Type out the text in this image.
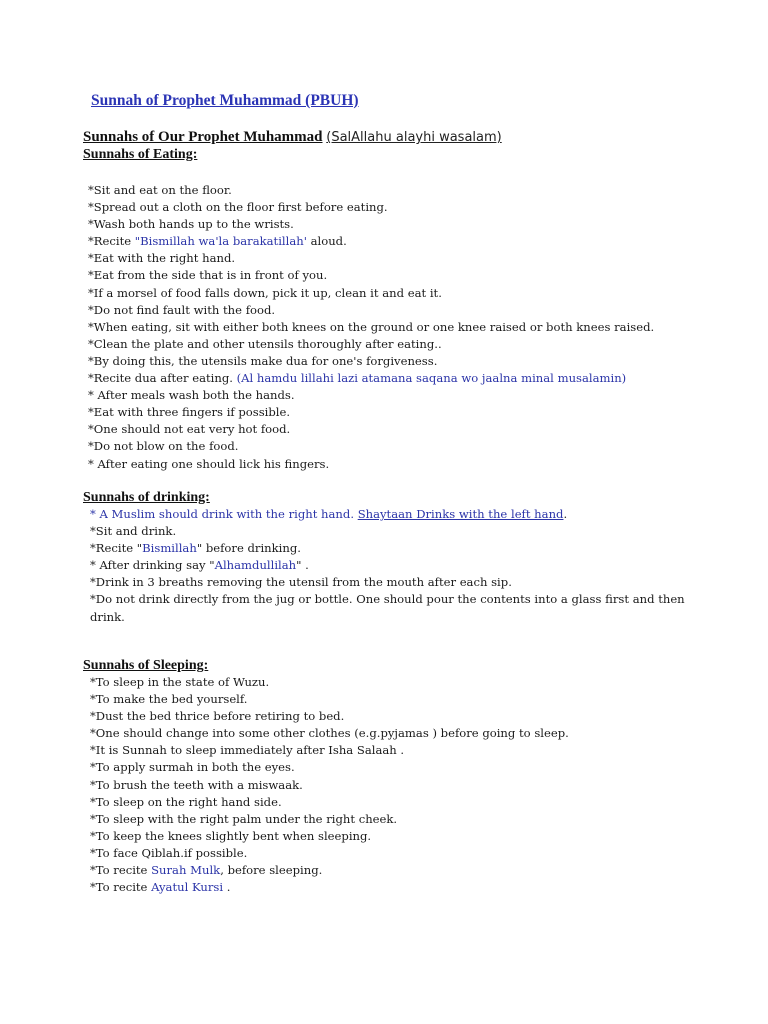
Sunnah of Prophet Muhammad (PBUH)
Sunnahs of Our Prophet Muhammad (SalAllahu alayhi wasalam)
Sunnahs of Eating:
*Sit and eat on the floor.
*Spread out a cloth on the floor first before eating.
*Wash both hands up to the wrists.
*Recite "Bismillah wa'la barakatillah' aloud.
*Eat with the right hand.
*Eat from the side that is in front of you.
*If a morsel of food falls down, pick it up, clean it and eat it.
*Do not find fault with the food.
*When eating, sit with either both knees on the ground or one knee raised or both knees raised.
*Clean the plate and other utensils thoroughly after eating..
*By doing this, the utensils make dua for one's forgiveness.
*Recite dua after eating. (Al hamdu lillahi lazi atamana saqana wo jaalna minal musalamin)
* After meals wash both the hands.
*Eat with three fingers if possible.
*One should not eat very hot food.
*Do not blow on the food.
* After eating one should lick his fingers.
Sunnahs of drinking:
* A Muslim should drink with the right hand. Shaytaan Drinks with the left hand.
*Sit and drink.
*Recite "Bismillah" before drinking.
* After drinking say "Alhamdullilah" .
*Drink in 3 breaths removing the utensil from the mouth after each sip.
*Do not drink directly from the jug or bottle. One should pour the contents into a glass first and then drink.
Sunnahs of Sleeping:
*To sleep in the state of Wuzu.
*To make the bed yourself.
*Dust the bed thrice before retiring to bed.
*One should change into some other clothes (e.g.pyjamas ) before going to sleep.
*It is Sunnah to sleep immediately after Isha Salaah .
*To apply surmah in both the eyes.
*To brush the teeth with a miswaak.
*To sleep on the right hand side.
*To sleep with the right palm under the right cheek.
*To keep the knees slightly bent when sleeping.
*To face Qiblah.if possible.
*To recite Surah Mulk, before sleeping.
*To recite Ayatul Kursi .
